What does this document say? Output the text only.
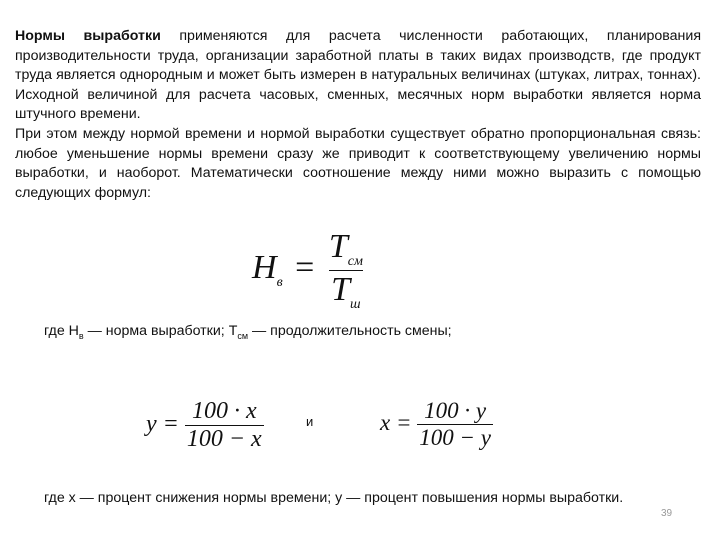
Нормы выработки применяются для расчета численности работающих, планирования производительности труда, организации заработной платы в таких видах производств, где продукт труда является однородным и может быть измерен в натуральных величинах (штуках, литрах, тоннах). Исходной величиной для расчета часовых, сменных, месячных норм выработки является норма штучного времени.

При этом между нормой времени и нормой выработки существует обратно пропорциональная связь: любое уменьшение нормы времени сразу же приводит к соответствующему увеличению нормы выработки, и наоборот. Математически соотношение между ними можно выразить с помощью следующих формул:

$H_в = \frac{T_{см}}{T_ш}$
где $H_в$ — норма выработки; $Т_{см}$ — продолжительность смены;
$y = \frac{100 \cdot x}{100 - x}$	и	$x = \frac{100 \cdot y}{100 - y}$
где х — процент снижения нормы времени; у — процент повышения нормы выработки.
39
